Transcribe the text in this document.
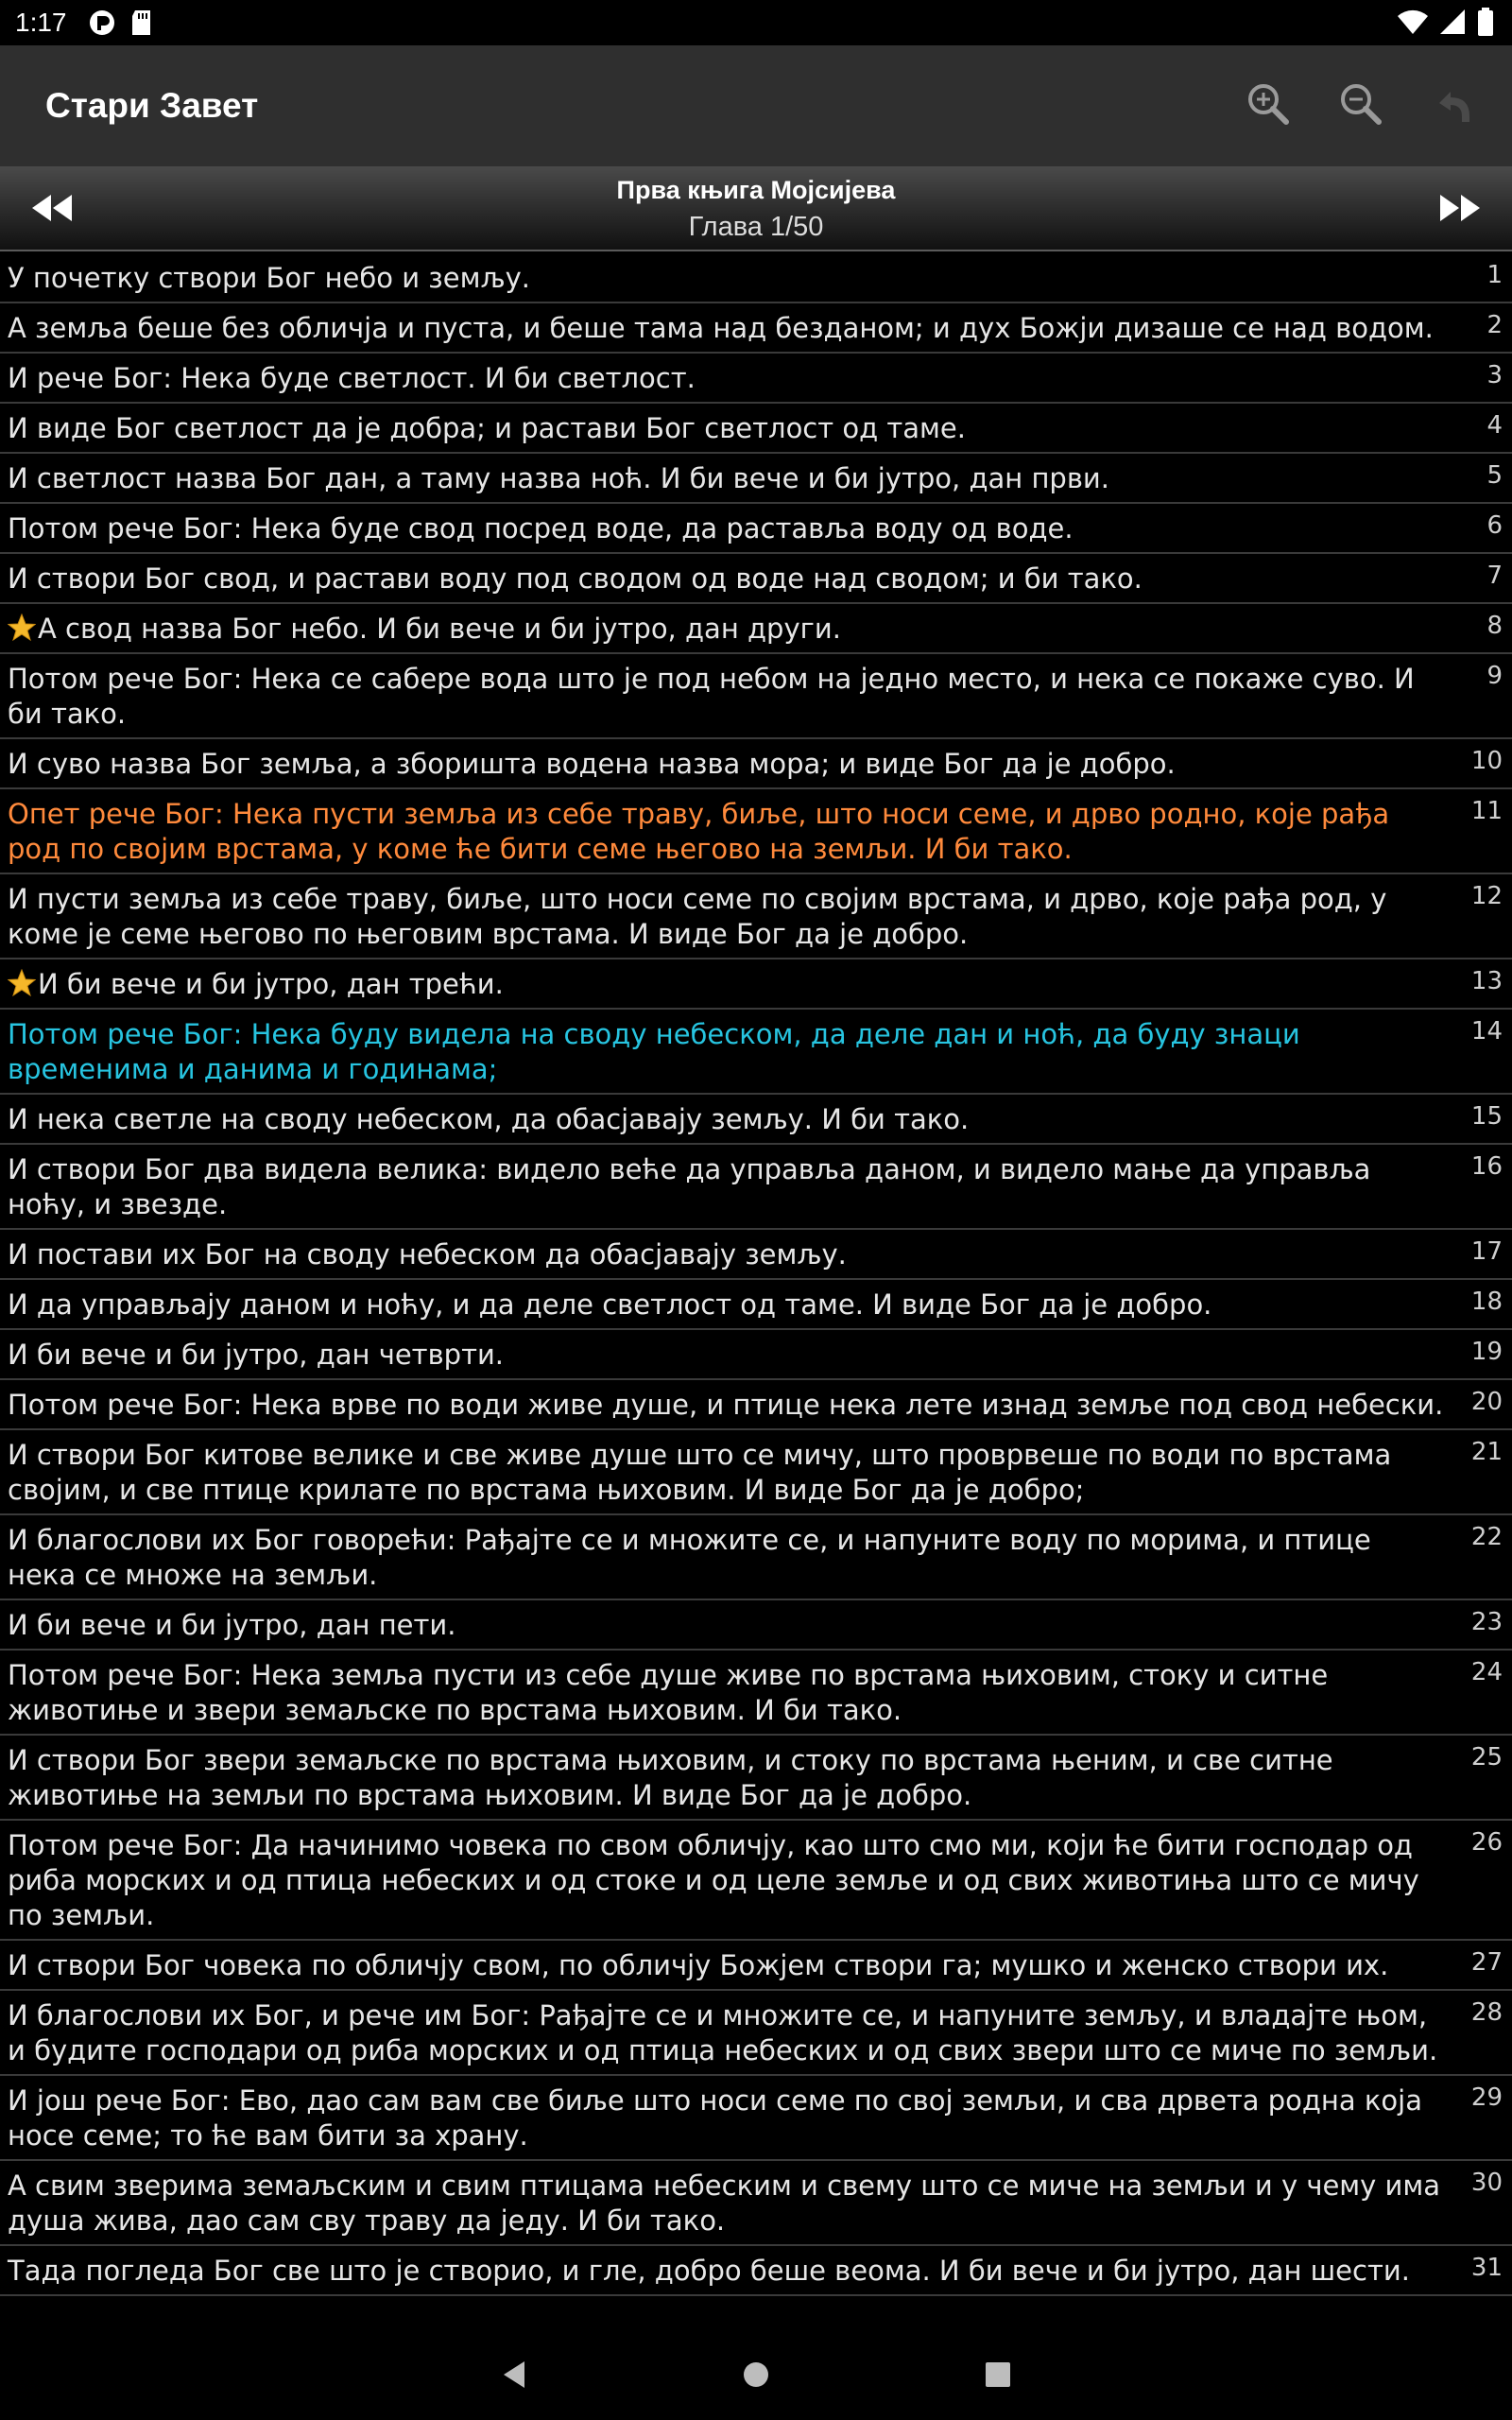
1:17
Стари Завет
Прва књига Мојсијева
Глава 1/50
У почетку створи Бог небо и земљу.	1
А земља беше без обличја и пуста, и беше тама над безданом; и дух Божји дизаше се над водом. 2
И рече Бог: Нека буде светлост. И би светлост.	3
И виде Бог светлост да је добра; и растави Бог светлост од таме.	4
И светлост назва Бог дан, а таму назва ноћ. И би вече и би јутро, дан први.	5
Потом рече Бог: Нека буде свод посред воде, да раставља воду од воде.	6
И створи Бог свод, и растави воду под сводом од воде над сводом; и би тако.	7
А свод назва Бог небо. И би вече и би јутро, дан други.	8
Потом рече Бог: Нека се сабере вода што је под небом на једно место, и нека се покаже суво. И би тако.
9
И суво назва Бог земља, а зборишта водена назва мора; и виде Бог да је добро.	10
Опет рече Бог: Нека пусти земља из себе траву, биље, што носи семе, и дрво родно, које рађа род по својим врстама, у коме ће бити семе његово на земљи. И би тако.
11
И пусти земља из себе траву, биље, што носи семе по својим врстама, и дрво, које рађа род, у коме је семе његово по његовим врстама. И виде Бог да је добро.
12
И би вече и би јутро, дан трећи.	13
Потом рече Бог: Нека буду видела на своду небеском, да деле дан и ноћ, да буду знаци временима и данима и годинама;
14
И нека светле на своду небеском, да обасјавају земљу. И би тако.	15
И створи Бог два видела велика: видело веће да управља даном, и видело мање да управља ноћу, и звезде.
16
И постави их Бог на своду небеском да обасјавају земљу.	17
И да управљају даном и ноћу, и да деле светлост од таме. И виде Бог да је добро.	18
И би вече и би јутро, дан четврти.	19
Потом рече Бог: Нека врве по води живе душе, и птице нека лете изнад земље под свод небески. 20
И створи Бог китове велике и све живе душе што се мичу, што проврвеше по води по врстама својим, и све птице крилате по врстама њиховим. И виде Бог да је добро;
21
И благослови их Бог говорећи: Рађајте се и множите се, и напуните воду по морима, и птице нека се множе на земљи.
22
И би вече и би јутро, дан пети.	23
Потом рече Бог: Нека земља пусти из себе душе живе по врстама њиховим, стоку и ситне животиње и звери земаљске по врстама њиховим. И би тако.
24
И створи Бог звери земаљске по врстама њиховим, и стоку по врстама њеним, и све ситне животиње на земљи по врстама њиховим. И виде Бог да је добро.
25
Потом рече Бог: Да начинимо човека по свом обличју, као што смо ми, који ће бити господар од риба морских и од птица небеских и од стоке и од целе земље и од свих животиња што се мичу по земљи.
26
И створи Бог човека по обличју свом, по обличју Божјем створи га; мушко и женско створи их.	27
И благослови их Бог, и рече им Бог: Рађајте се и множите се, и напуните земљу, и владајте њом, и будите господари од риба морских и од птица небеских и од свих звери што се миче по земљи.
28
И још рече Бог: Ево, дао сам вам све биље што носи семе по свој земљи, и сва дрвета родна која носе семе; то ће вам бити за храну.
29
А свим зверима земаљским и свим птицама небеским и свему што се миче на земљи и у чему има душа жива, дао сам сву траву да једу. И би тако.
30
Тада погледа Бог све што је створио, и гле, добро беше веома. И би вече и би јутро, дан шести. 31
